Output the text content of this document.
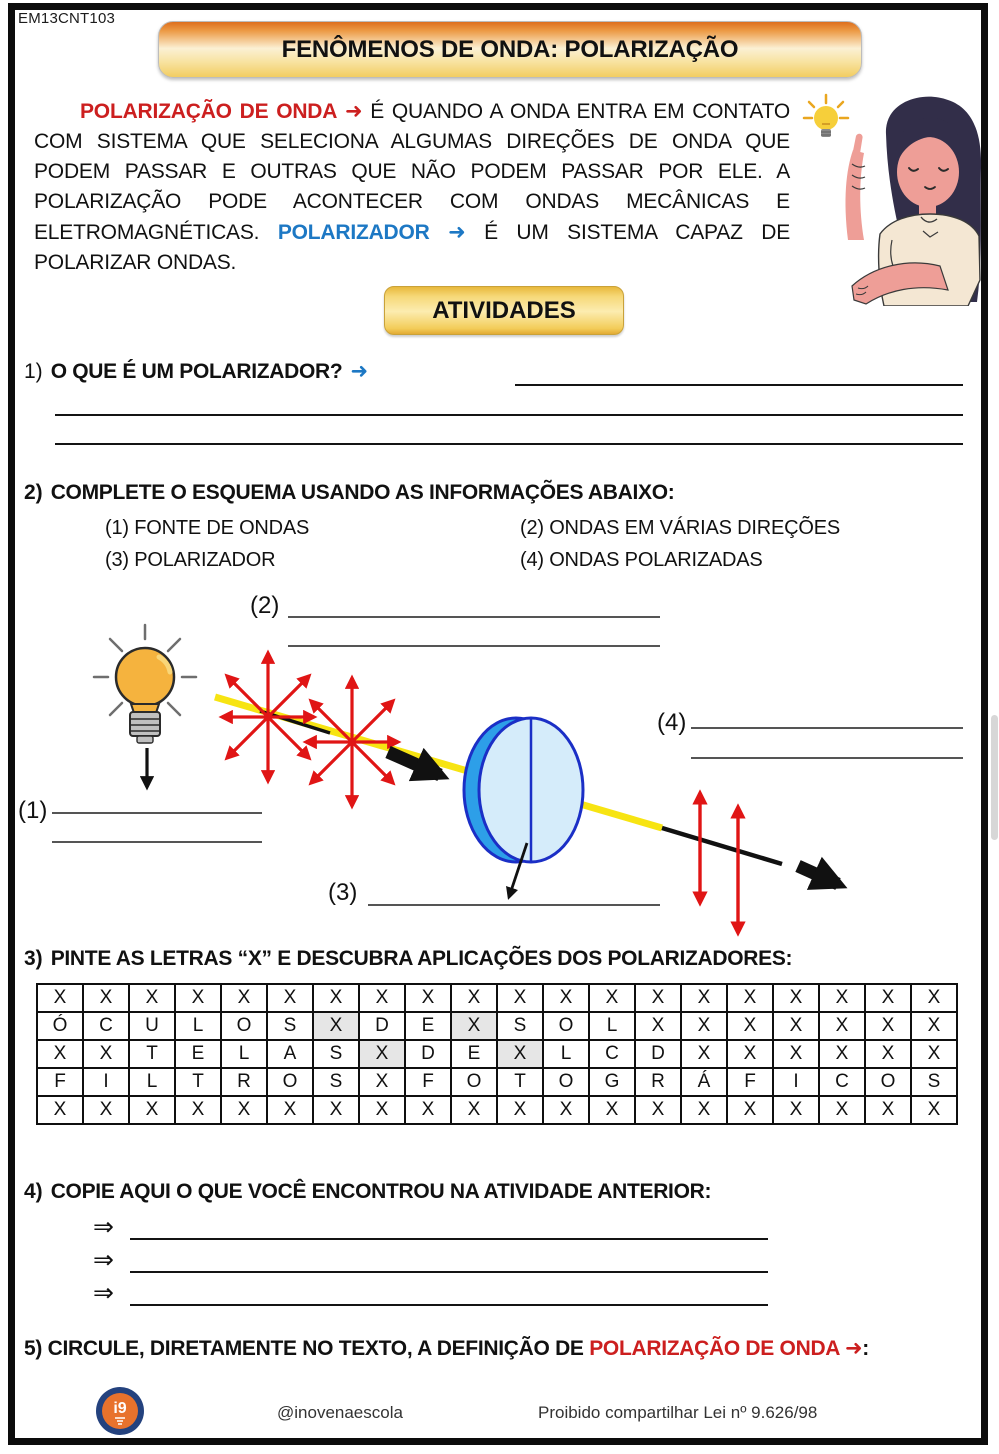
EM13CNT103
FENÔMENOS DE ONDA: POLARIZAÇÃO

POLARIZAÇÃO DE ONDA ➜ É QUANDO A ONDA ENTRA EM CONTATO COM SISTEMA QUE SELECIONA ALGUMAS DIREÇÕES DE ONDA QUE PODEM PASSAR E OUTRAS QUE NÃO PODEM PASSAR POR ELE. A POLARIZAÇÃO PODE ACONTECER COM ONDAS MECÂNICAS E ELETROMAGNÉTICAS. POLARIZADOR ➜ É UM SISTEMA CAPAZ DE POLARIZAR ONDAS.

ATIVIDADES
1) O QUE É UM POLARIZADOR? ➜
2) COMPLETE O ESQUEMA USANDO AS INFORMAÇÕES ABAIXO:
(1) FONTE DE ONDAS	(2) ONDAS EM VÁRIAS DIREÇÕES
(3) POLARIZADOR	(4) ONDAS POLARIZADAS
(2)
(4)
(1)
(3)
3) PINTE AS LETRAS “X” E DESCUBRA APLICAÇÕES DOS POLARIZADORES:
X	X	X	X	X	X	X	X	X	X	X	X	X	X	X	X	X	X	X	X
Ó	C	U	L	O	S	X	D	E	X	S	O	L	X	X	X	X	X	X	X
X	X	T	E	L	A	S	X	D	E	X	L	C	D	X	X	X	X	X	X
F	I	L	T	R	O	S	X	F	O	T	O	G	R	Á	F	I	C	O	S
X	X	X	X	X	X	X	X	X	X	X	X	X	X	X	X	X	X	X	X
4) COPIE AQUI O QUE VOCÊ ENCONTROU NA ATIVIDADE ANTERIOR:
⇒
⇒
⇒
5) CIRCULE, DIRETAMENTE NO TEXTO, A DEFINIÇÃO DE POLARIZAÇÃO DE ONDA ➜:
i9	@inovenaescola	Proibido compartilhar Lei nº 9.626/98
